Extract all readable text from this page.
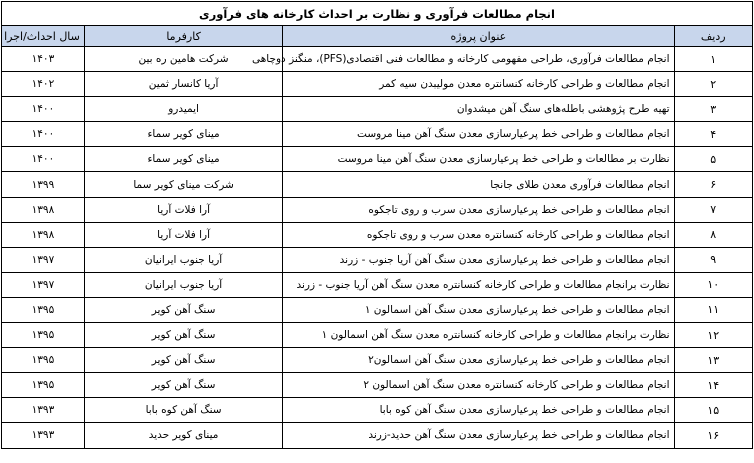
انجام مطالعات فرآوری و نظارت بر احداث کارخانه های فرآوری			
ردیف	عنوان پروژه	کارفرما	سال احداث/اجرا
۱	انجام مطالعات فرآوری، طراحی مفهومی کارخانه و مطالعات فنی اقتصادی(PFS)، منگنز دوچاهی	شرکت هامین ره بین	۱۴۰۳
۲	انجام مطالعات و طراحی کارخانه کنسانتره معدن مولیبدن سیه کمر	آریا کانسار ثمین	۱۴۰۲
۳	تهیه طرح پژوهشی باطله‌های سنگ آهن میشدوان	ایمیدرو	۱۴۰۰
۴	انجام مطالعات و طراحی خط پرعیارسازی معدن سنگ آهن مینا مروست	مینای کویر سماء	۱۴۰۰
۵	نظارت بر مطالعات و طراحی خط پرعیارسازی معدن سنگ آهن مینا مروست	مینای کویر سماء	۱۴۰۰
۶	انجام مطالعات فرآوری معدن طلای جانجا	شرکت مینای کویر سما	۱۳۹۹
۷	انجام مطالعات و طراحی خط پرعیارسازی معدن سرب و روی تاجکوه	آرا فلات آریا	۱۳۹۸
۸	انجام مطالعات و طراحی کارخانه کنسانتره معدن سرب و روی تاجکوه	آرا فلات آریا	۱۳۹۸
۹	انجام مطالعات و طراحی خط پرعیارسازی معدن سنگ آهن آریا جنوب - زرند	آریا جنوب ایرانیان	۱۳۹۷
۱۰	نظارت برانجام مطالعات و طراحی کارخانه کنسانتره معدن سنگ آهن آریا جنوب - زرند	آریا جنوب ایرانیان	۱۳۹۷
۱۱	انجام مطالعات و طراحی خط پرعیارسازی معدن سنگ آهن اسمالون ۱	سنگ آهن کویر	۱۳۹۵
۱۲	نظارت برانجام مطالعات و طراحی کارخانه کنسانتره معدن سنگ آهن اسمالون ۱	سنگ آهن کویر	۱۳۹۵
۱۳	انجام مطالعات و طراحی خط پرعیارسازی معدن سنگ آهن اسمالون۲	سنگ آهن کویر	۱۳۹۵
۱۴	انجام مطالعات و طراحی کارخانه کنسانتره معدن سنگ آهن اسمالون ۲	سنگ آهن کویر	۱۳۹۵
۱۵	انجام مطالعات و طراحی خط پرعیارسازی معدن سنگ آهن کوه بابا	سنگ آهن کوه بابا	۱۳۹۳
۱۶	انجام مطالعات و طراحی خط پرعیارسازی معدن سنگ آهن حدید-زرند	مینای کویر حدید	۱۳۹۳
